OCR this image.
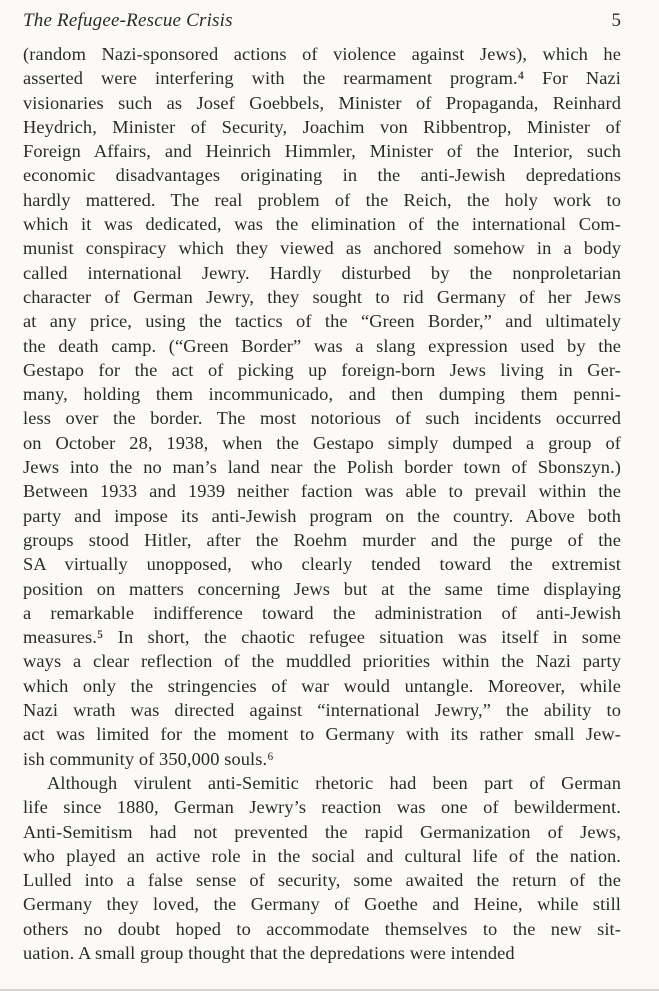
The Refugee-Rescue Crisis	5
(random Nazi-sponsored actions of violence against Jews), which he
asserted were interfering with the rearmament program.⁴ For Nazi
visionaries such as Josef Goebbels, Minister of Propaganda, Reinhard
Heydrich, Minister of Security, Joachim von Ribbentrop, Minister of
Foreign Affairs, and Heinrich Himmler, Minister of the Interior, such
economic disadvantages originating in the anti-Jewish depredations
hardly mattered. The real problem of the Reich, the holy work to
which it was dedicated, was the elimination of the international Com-
munist conspiracy which they viewed as anchored somehow in a body
called international Jewry. Hardly disturbed by the nonproletarian
character of German Jewry, they sought to rid Germany of her Jews
at any price, using the tactics of the “Green Border,” and ultimately
the death camp. (“Green Border” was a slang expression used by the
Gestapo for the act of picking up foreign-born Jews living in Ger-
many, holding them incommunicado, and then dumping them penni-
less over the border. The most notorious of such incidents occurred
on October 28, 1938, when the Gestapo simply dumped a group of
Jews into the no man’s land near the Polish border town of Sbonszyn.)
Between 1933 and 1939 neither faction was able to prevail within the
party and impose its anti-Jewish program on the country. Above both
groups stood Hitler, after the Roehm murder and the purge of the
SA virtually unopposed, who clearly tended toward the extremist
position on matters concerning Jews but at the same time displaying
a remarkable indifference toward the administration of anti-Jewish
measures.⁵ In short, the chaotic refugee situation was itself in some
ways a clear reflection of the muddled priorities within the Nazi party
which only the stringencies of war would untangle. Moreover, while
Nazi wrath was directed against “international Jewry,” the ability to
act was limited for the moment to Germany with its rather small Jew-
ish community of 350,000 souls.⁶
Although virulent anti-Semitic rhetoric had been part of German
life since 1880, German Jewry’s reaction was one of bewilderment.
Anti-Semitism had not prevented the rapid Germanization of Jews,
who played an active role in the social and cultural life of the nation.
Lulled into a false sense of security, some awaited the return of the
Germany they loved, the Germany of Goethe and Heine, while still
others no doubt hoped to accommodate themselves to the new sit-
uation. A small group thought that the depredations were intended
